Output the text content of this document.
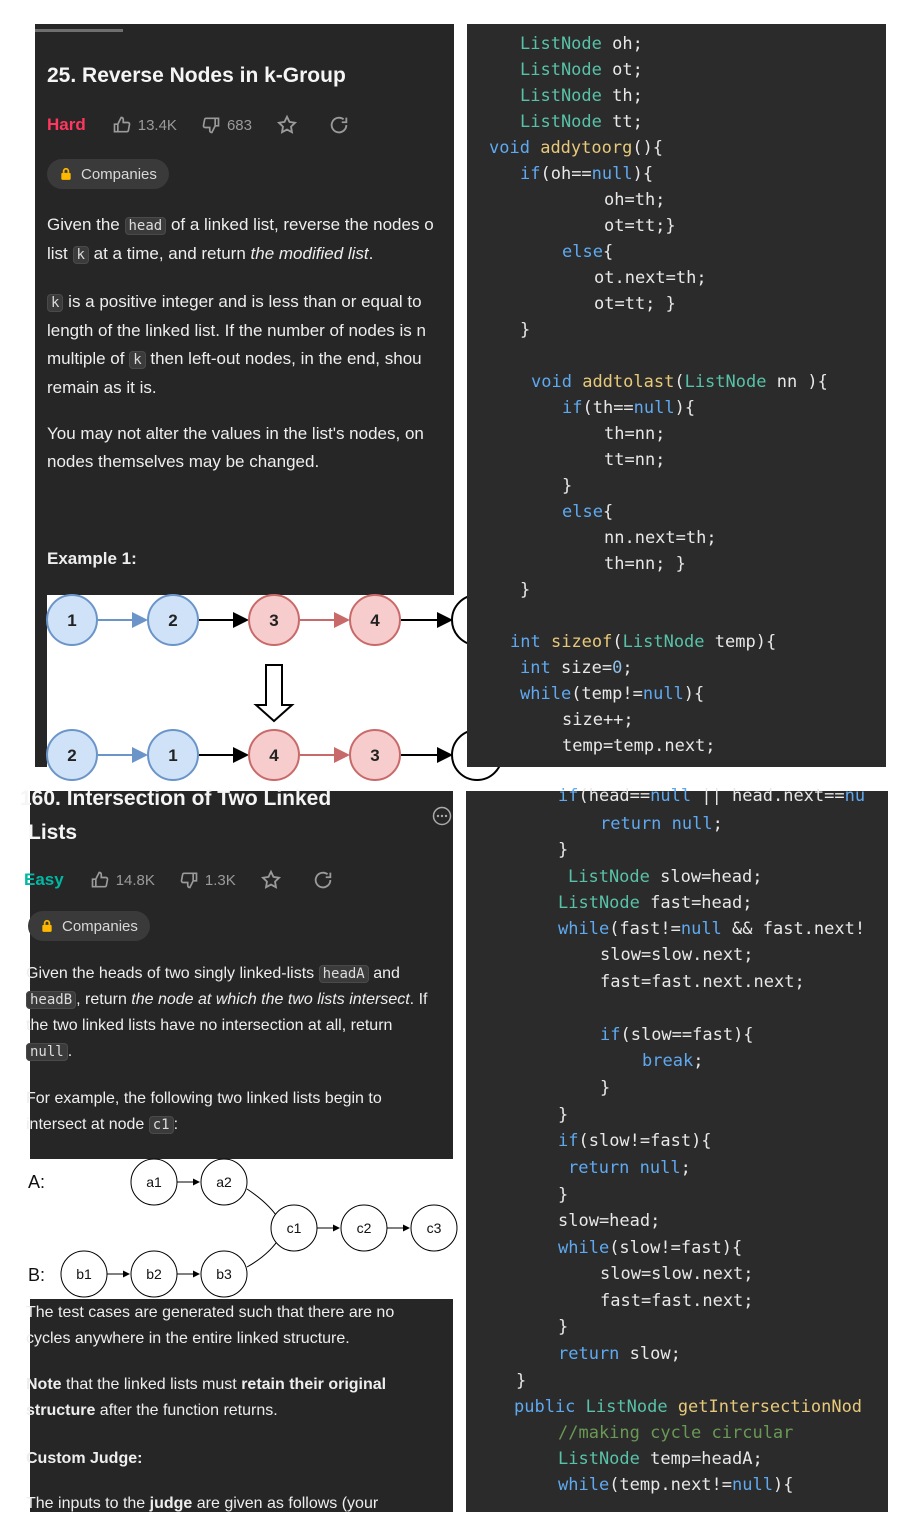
25. Reverse Nodes in k-Group
Hard	13.4K	683
Companies
Given the head of a linked list, reverse the nodes o
list k at a time, and return the modified list.
k is a positive integer and is less than or equal to
length of the linked list. If the number of nodes is n
multiple of k then left-out nodes, in the end, shou
remain as it is.
You may not alter the values in the list's nodes, on
nodes themselves may be changed.
Example 1:
1	2	3	4
2	1	4	3
ListNode oh;
ListNode ot;
ListNode th;
ListNode tt;
void addytoorg(){
if(oh==null){
oh=th;
ot=tt;}
else{
ot.next=th;
ot=tt; }
}
void addtolast(ListNode nn ){
if(th==null){
th=nn;
tt=nn;
}
else{
nn.next=th;
th=nn; }
}
int sizeof(ListNode temp){
int size=0;
while(temp!=null){
size++;
temp=temp.next;
160. Intersection of Two Linked
Lists
Easy	14.8K	1.3K
Companies
Given the heads of two singly linked-lists headA and
headB , return the node at which the two lists intersect. If
the two linked lists have no intersection at all, return
null .
For example, the following two linked lists begin to
intersect at node c1 :
A:
B:
a1	a2
c1	c2	c3
b1	b2	b3
The test cases are generated such that there are no
cycles anywhere in the entire linked structure.
Note that the linked lists must retain their original
structure after the function returns.
Custom Judge:
The inputs to the judge are given as follows (your
if(head==null || head.next==nu
return null;
}
ListNode slow=head;
ListNode fast=head;
while(fast!=null && fast.next!
slow=slow.next;
fast=fast.next.next;
if(slow==fast){
break;
}
}
if(slow!=fast){
return null;
}
slow=head;
while(slow!=fast){
slow=slow.next;
fast=fast.next;
}
return slow;
}
public ListNode getIntersectionNod
//making cycle circular
ListNode temp=headA;
while(temp.next!=null){
